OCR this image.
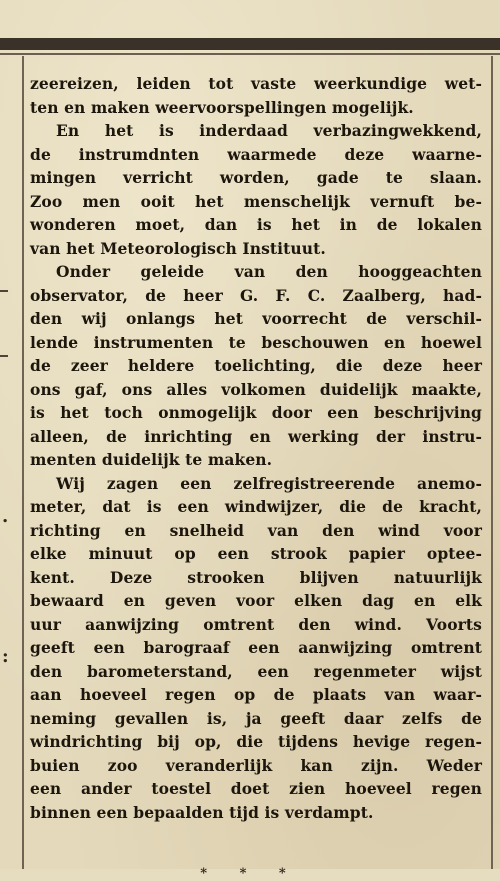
.
:
zeereizen, leiden tot vaste weerkundige wet-
ten en maken weervoorspellingen mogelijk.
En het is inderdaad verbazingwekkend,
de instrumdnten waarmede deze waarne-
mingen verricht worden, gade te slaan.
Zoo men ooit het menschelijk vernuft be-
wonderen moet, dan is het in de lokalen
van het Meteorologisch Instituut.
Onder geleide van den hooggeachten
observator, de heer G. F. C. Zaalberg, had-
den wij onlangs het voorrecht de verschil-
lende instrumenten te beschouwen en hoewel
de zeer heldere toelichting, die deze heer
ons gaf, ons alles volkomen duidelijk maakte,
is het toch onmogelijk door een beschrijving
alleen, de inrichting en werking der instru-
menten duidelijk te maken.
Wij zagen een zelfregistreerende anemo-
meter, dat is een windwijzer, die de kracht,
richting en snelheid van den wind voor
elke minuut op een strook papier optee-
kent. Deze strooken blijven natuurlijk
bewaard en geven voor elken dag en elk
uur aanwijzing omtrent den wind. Voorts
geeft een barograaf een aanwijzing omtrent
den barometerstand, een regenmeter wijst
aan hoeveel regen op de plaats van waar-
neming gevallen is, ja geeft daar zelfs de
windrichting bij op, die tijdens hevige regen-
buien zoo veranderlijk kan zijn. Weder
een ander toestel doet zien hoeveel regen
binnen een bepaalden tijd is verdampt.
* * *
